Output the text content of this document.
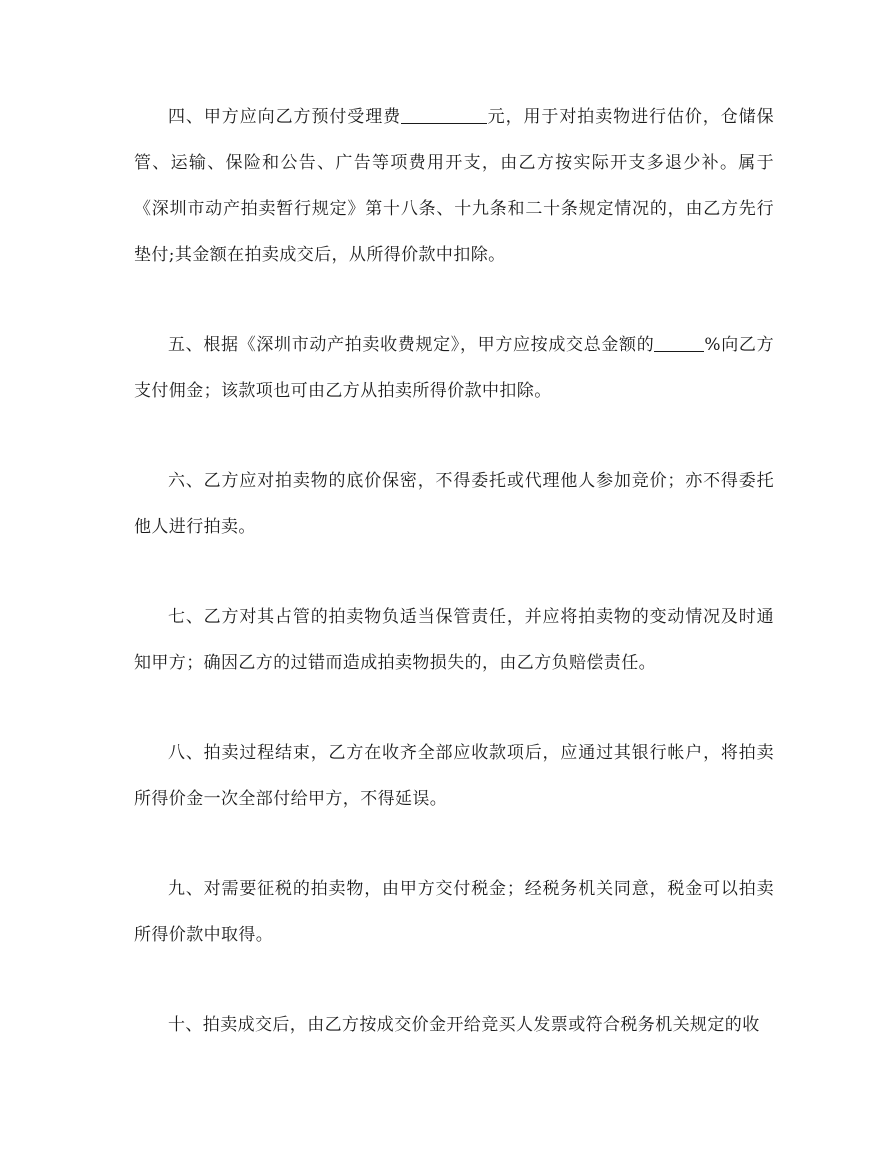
四、甲方应向乙方预付受理费	元，用于对拍卖物进行估价，仓储保管、运输、保险和公告、广告等项费用开支，由乙方按实际开支多退少补。属于《深圳市动产拍卖暂行规定》第十八条、十九条和二十条规定情况的，由乙方先行垫付;其金额在拍卖成交后，从所得价款中扣除。

五、根据《深圳市动产拍卖收费规定》，甲方应按成交总金额的	%向乙方支付佣金；该款项也可由乙方从拍卖所得价款中扣除。

六、乙方应对拍卖物的底价保密，不得委托或代理他人参加竞价；亦不得委托他人进行拍卖。

七、乙方对其占管的拍卖物负适当保管责任，并应将拍卖物的变动情况及时通知甲方；确因乙方的过错而造成拍卖物损失的，由乙方负赔偿责任。

八、拍卖过程结束，乙方在收齐全部应收款项后，应通过其银行帐户，将拍卖所得价金一次全部付给甲方，不得延误。

九、对需要征税的拍卖物，由甲方交付税金；经税务机关同意，税金可以拍卖所得价款中取得。

十、拍卖成交后，由乙方按成交价金开给竞买人发票或符合税务机关规定的收
